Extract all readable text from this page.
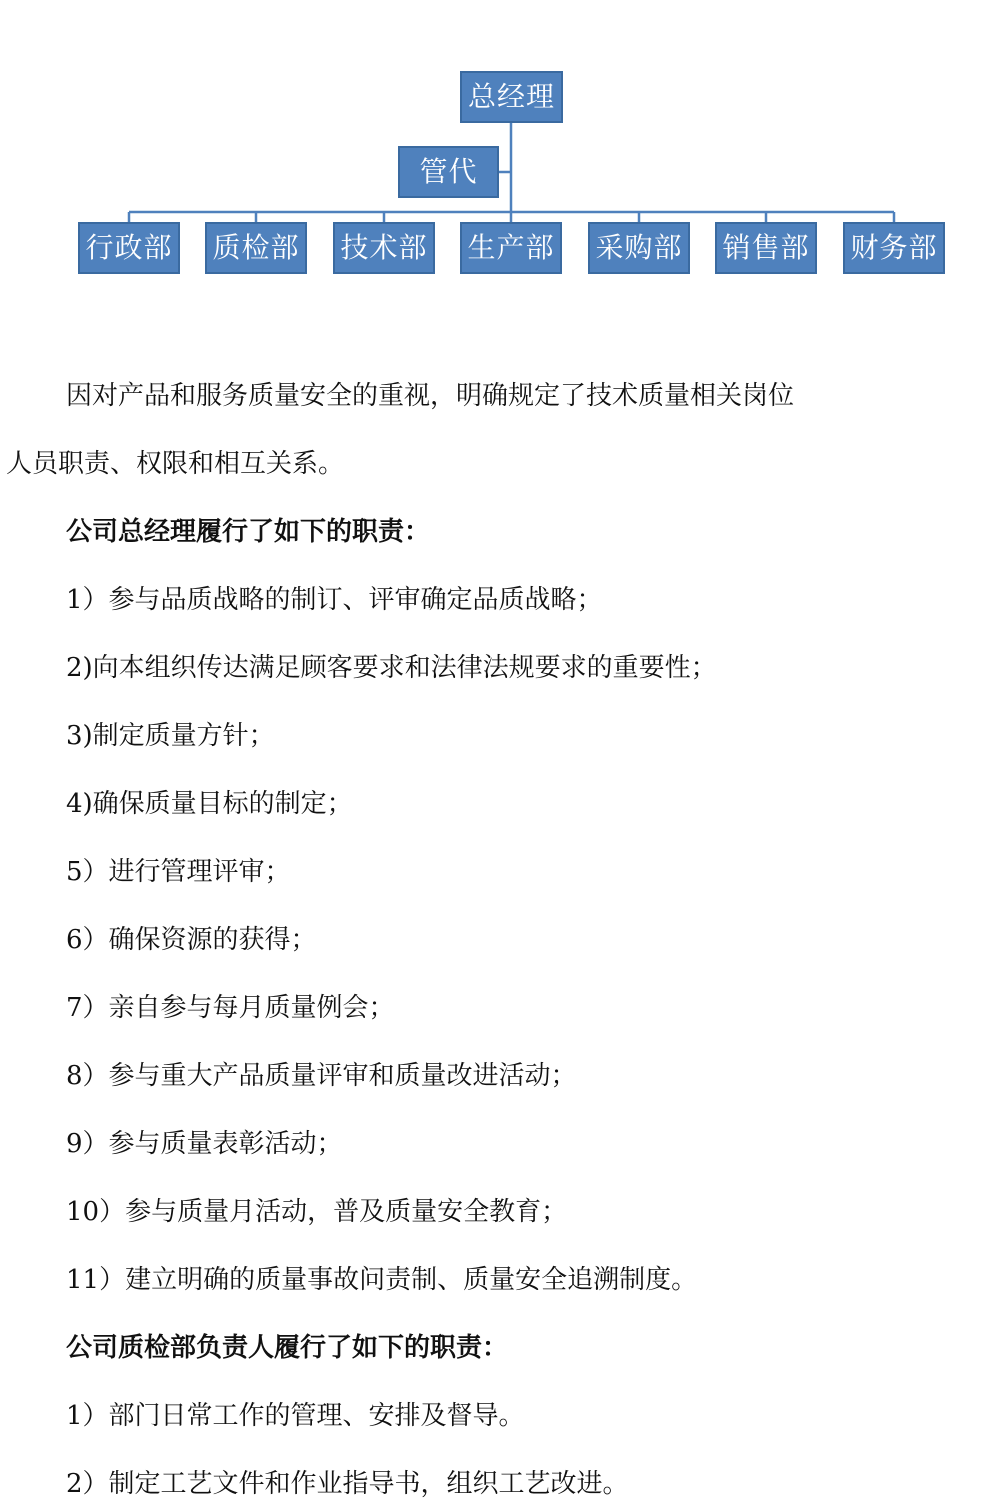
总经理
管代
行政部 质检部 技术部 生产部 采购部 销售部 财务部
因对产品和服务质量安全的重视，明确规定了技术质量相关岗位
人员职责、权限和相互关系。
公司总经理履行了如下的职责：
1）参与品质战略的制订、评审确定品质战略；
2)向本组织传达满足顾客要求和法律法规要求的重要性；
3)制定质量方针；
4)确保质量目标的制定；
5）进行管理评审；
6）确保资源的获得；
7）亲自参与每月质量例会；
8）参与重大产品质量评审和质量改进活动；
9）参与质量表彰活动；
10）参与质量月活动，普及质量安全教育；
11）建立明确的质量事故问责制、质量安全追溯制度。
公司质检部负责人履行了如下的职责：
1）部门日常工作的管理、安排及督导。
2）制定工艺文件和作业指导书，组织工艺改进。
